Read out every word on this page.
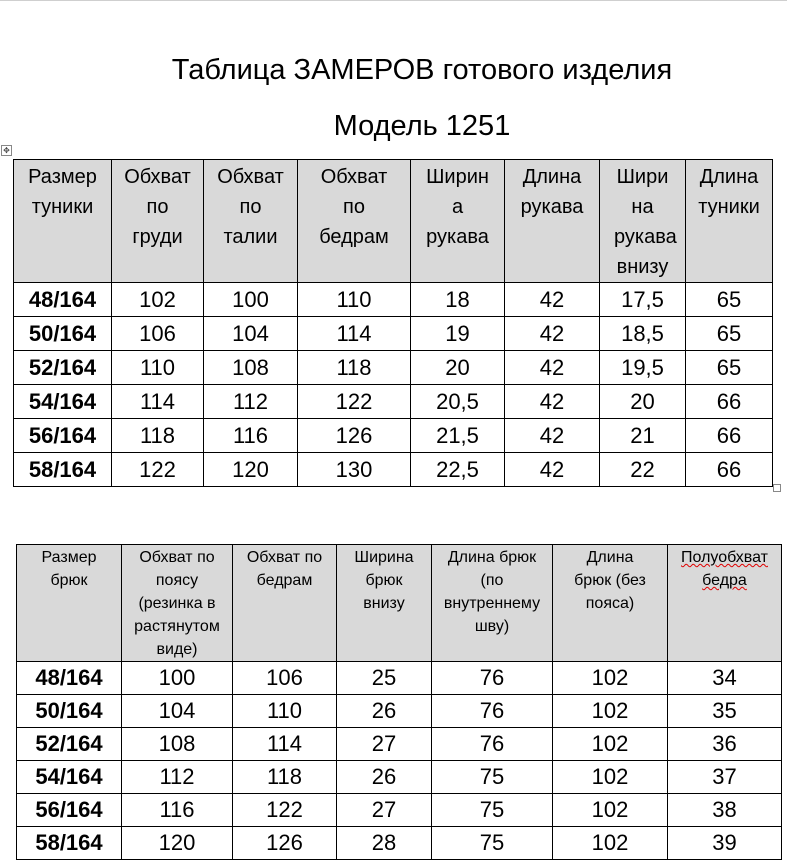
Таблица ЗАМЕРОВ готового изделия
Модель 1251
✥
Размер туники	Обхват по груди	Обхват по талии	Обхват по бедрам	Ширин а рукава	Длина рукава	Шири на рукава внизу	Длина туники
48/164	102	100	110	18	42	17,5	65
50/164	106	104	114	19	42	18,5	65
52/164	110	108	118	20	42	19,5	65
54/164	114	112	122	20,5	42	20	66
56/164	118	116	126	21,5	42	21	66
58/164	122	120	130	22,5	42	22	66
Размер брюк	Обхват по поясу (резинка в растянутом виде)	Обхват по бедрам	Ширина брюк внизу	Длина брюк (по внутреннему шву)	Длина брюк (без пояса)	Полуобхват бедра
48/164	100	106	25	76	102	34
50/164	104	110	26	76	102	35
52/164	108	114	27	76	102	36
54/164	112	118	26	75	102	37
56/164	116	122	27	75	102	38
58/164	120	126	28	75	102	39
